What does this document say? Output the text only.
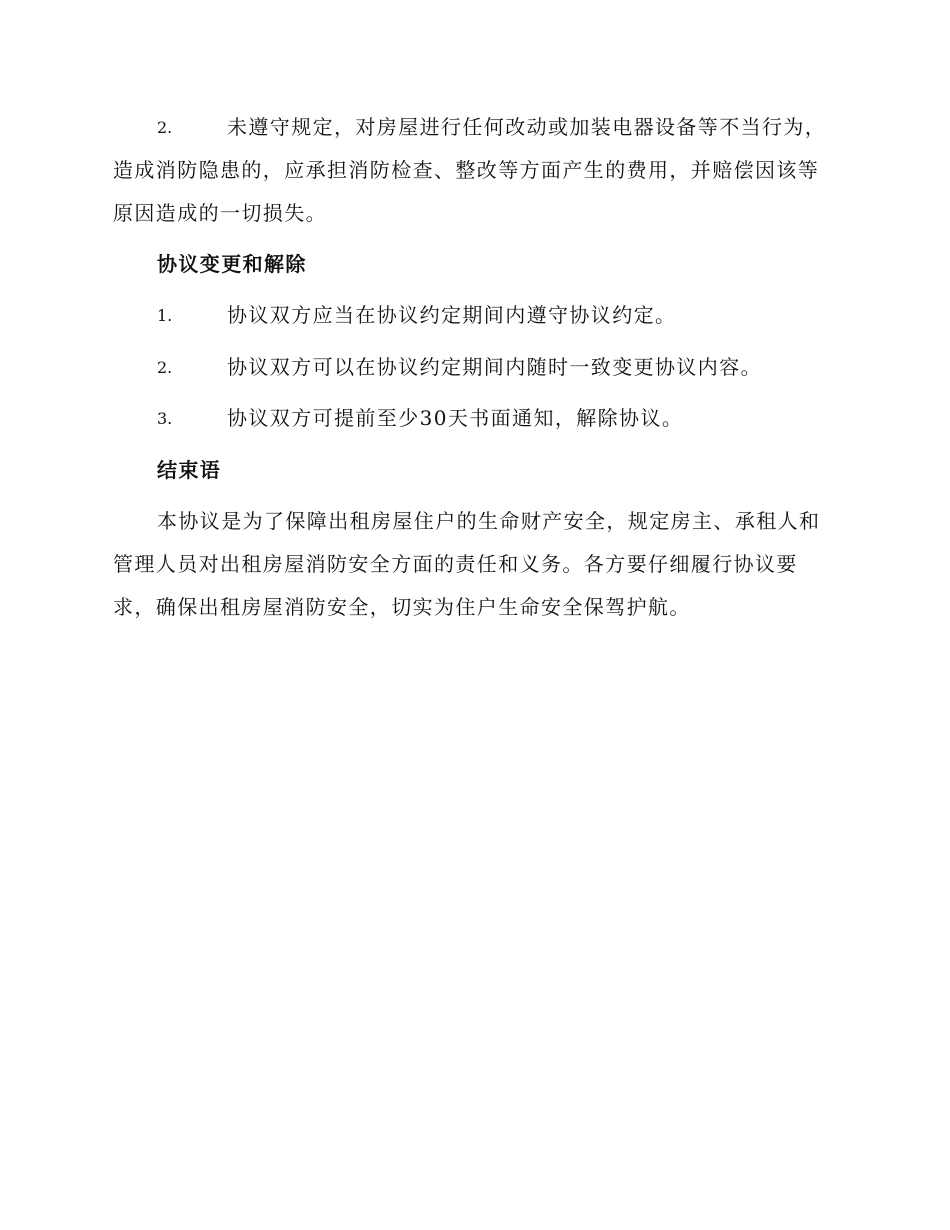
2.	未遵守规定，对房屋进行任何改动或加装电器设备等不当行为，造成消防隐患的，应承担消防检查、整改等方面产生的费用，并赔偿因该等原因造成的一切损失。
协议变更和解除
1.	协议双方应当在协议约定期间内遵守协议约定。
2.	协议双方可以在协议约定期间内随时一致变更协议内容。
3.	协议双方可提前至少30天书面通知，解除协议。
结束语

本协议是为了保障出租房屋住户的生命财产安全，规定房主、承租人和管理人员对出租房屋消防安全方面的责任和义务。各方要仔细履行协议要求，确保出租房屋消防安全，切实为住户生命安全保驾护航。
